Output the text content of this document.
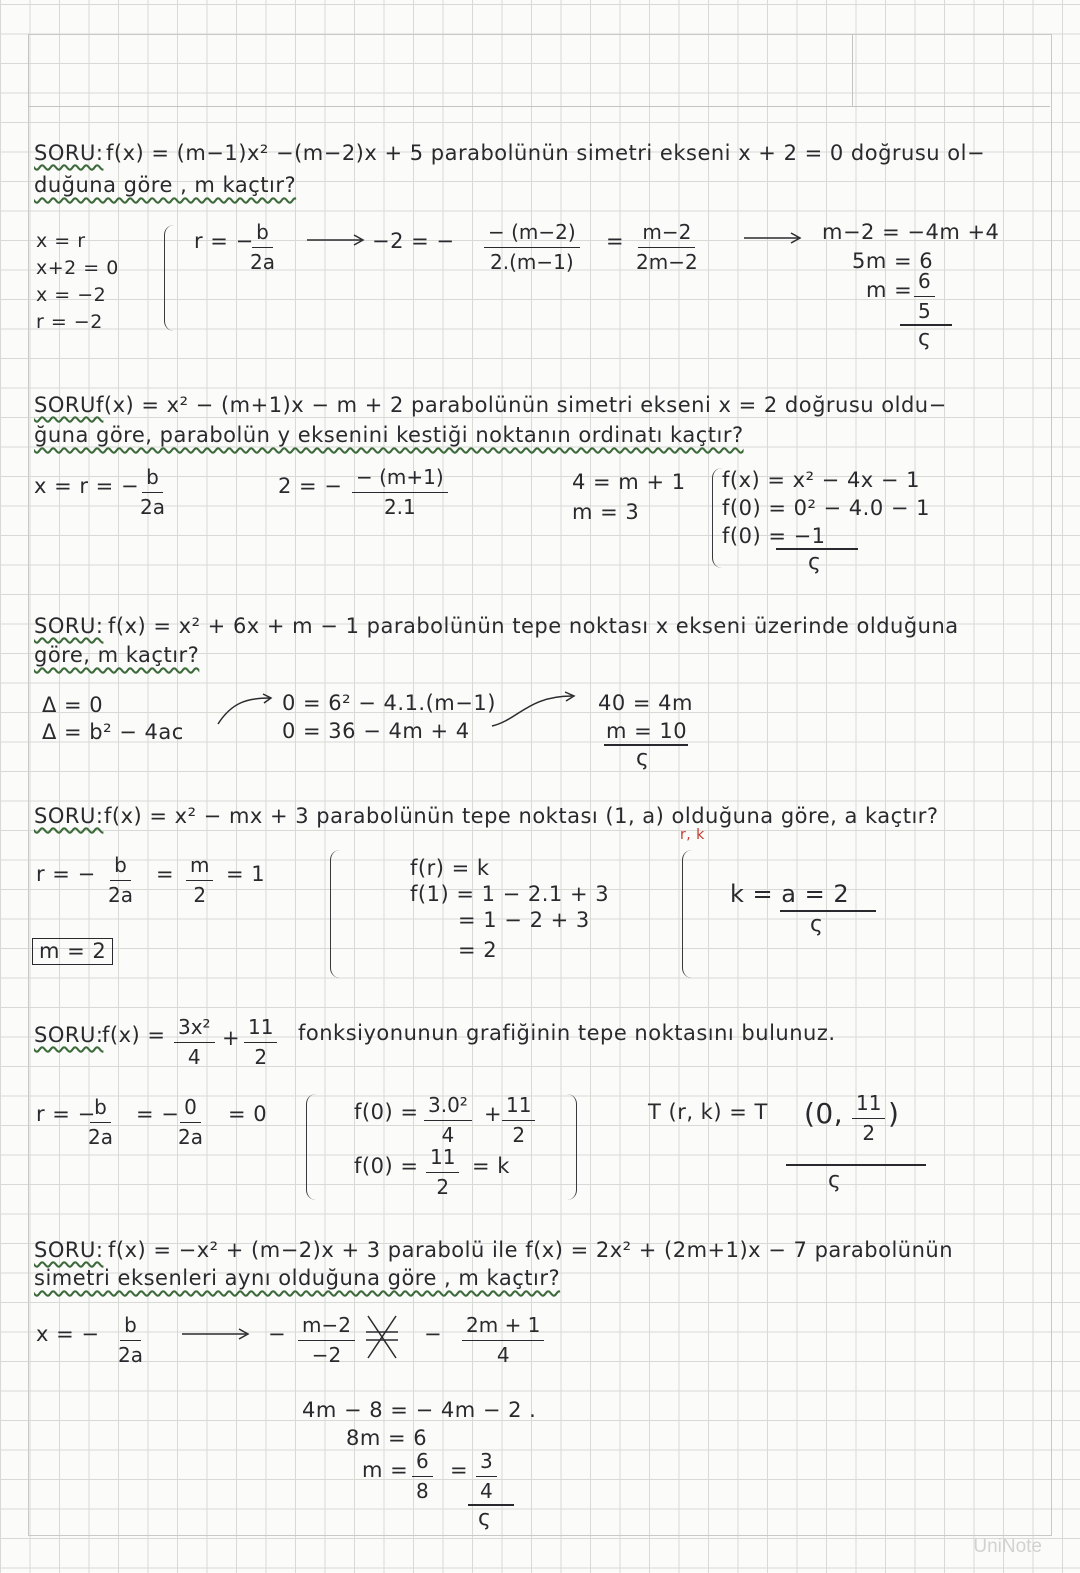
SORU: f(x) = (m−1)x² −(m−2)x + 5 parabolünün simetri ekseni x + 2 = 0 doğrusu ol−
duğuna göre , m kaçtır?
x = r
x+2 = 0
x = −2
r = −2
r = −
$\frac{b}{2a}$	−2 = − $\frac{- (m-2)}{2.(m-1)} = \frac{m-2}{2m-2}$	m−2 = −4m +4
5m = 6
$m = \frac{6}{5}$
ς
SORU:
f(x) = x² − (m+1)x − m + 2 parabolünün simetri ekseni x = 2 doğrusu oldu−
ğuna göre, parabolün y eksenini kestiği noktanın ordinatı kaçtır?
x = r = − $\frac{b}{2a}$	2 = − $\frac{- (m+1)}{2.1}$	4 = m + 1
m = 3
f(x) = x² − 4x − 1
f(0) = 0² − 4.0 − 1
f(0) = −1
ς
SORU: f(x) = x² + 6x + m − 1 parabolünün tepe noktası x ekseni üzerinde olduğuna
göre, m kaçtır?
Δ = 0
Δ = b² − 4ac
0 = 6² − 4.1.(m−1)
0 = 36 − 4m + 4
40 = 4m
m = 10
ς
SORU: f(x) = x² − mx + 3 parabolünün tepe noktası (1, a) olduğuna göre, a kaçtır?
r, k
r = − $\frac{b}{2a} = \frac{m}{2} = 1$
m = 2
f(r) = k
f(1) = 1 − 2.1 + 3
= 1 − 2 + 3
= 2
k = a = 2
ς
SORU:
$f(x) = \frac{\text{3x²}}{4} + \frac{11}{2}$ fonksiyonunun grafiğinin tepe noktasını bulunuz.
r = −
$\frac{b}{2a}$ = −
$\frac{0}{2a} = 0$	$f(0) = \frac{\text{3.0²}}{4} + \frac{11}{2}$
$f(0) = \frac{11}{2} = k$
T (r, k) = T (0, $\frac{11}{2}$ )
ς
SORU: f(x) = −x² + (m−2)x + 3 parabolü ile f(x) = 2x² + (2m+1)x − 7 parabolünün
simetri eksenleri aynı olduğuna göre , m kaçtır?
x = − $\frac{b}{2a}$	− $\frac{m-2}{-2}$	− $\frac{2m + 1}{4}$
4m − 8 = − 4m − 2 .
8m = 6
$m = \frac{6}{8} = \frac{3}{4}$
ς
UniNote
